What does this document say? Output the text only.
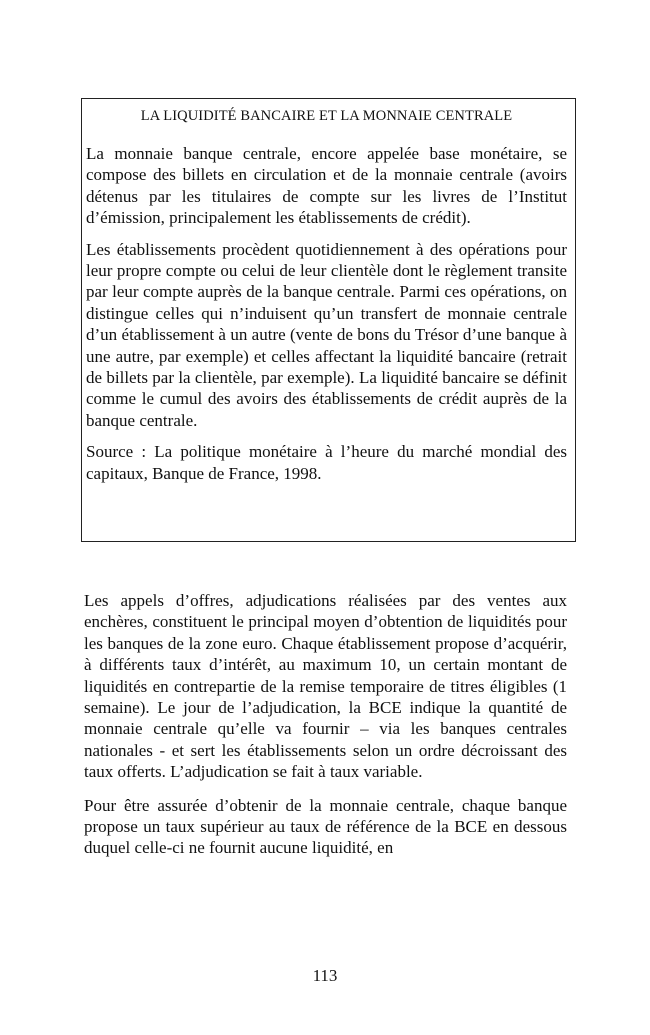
LA LIQUIDITÉ BANCAIRE ET LA MONNAIE CENTRALE

La monnaie banque centrale, encore appelée base monétaire, se compose des billets en circulation et de la monnaie centrale (avoirs détenus par les titulaires de compte sur les livres de l’Institut d’émission, principalement les établissements de crédit).

Les établissements procèdent quotidiennement à des opérations pour leur propre compte ou celui de leur clientèle dont le règlement transite par leur compte auprès de la banque centrale. Parmi ces opérations, on distingue celles qui n’induisent qu’un transfert de monnaie centrale d’un établissement à un autre (vente de bons du Trésor d’une banque à une autre, par exemple) et celles affectant la liquidité bancaire (retrait de billets par la clientèle, par exemple). La liquidité bancaire se définit comme le cumul des avoirs des établissements de crédit auprès de la banque centrale.

Source : La politique monétaire à l’heure du marché mondial des capitaux, Banque de France, 1998.

Les appels d’offres, adjudications réalisées par des ventes aux enchères, constituent le principal moyen d’obtention de liquidités pour les banques de la zone euro. Chaque établissement propose d’acquérir, à différents taux d’intérêt, au maximum 10, un certain montant de liquidités en contrepartie de la remise temporaire de titres éligibles (1 semaine). Le jour de l’adjudication, la BCE indique la quantité de monnaie centrale qu’elle va fournir – via les banques centrales nationales - et sert les établissements selon un ordre décroissant des taux offerts. L’adjudication se fait à taux variable.

Pour être assurée d’obtenir de la monnaie centrale, chaque banque propose un taux supérieur au taux de référence de la BCE en dessous duquel celle-ci ne fournit aucune liquidité, en

113
